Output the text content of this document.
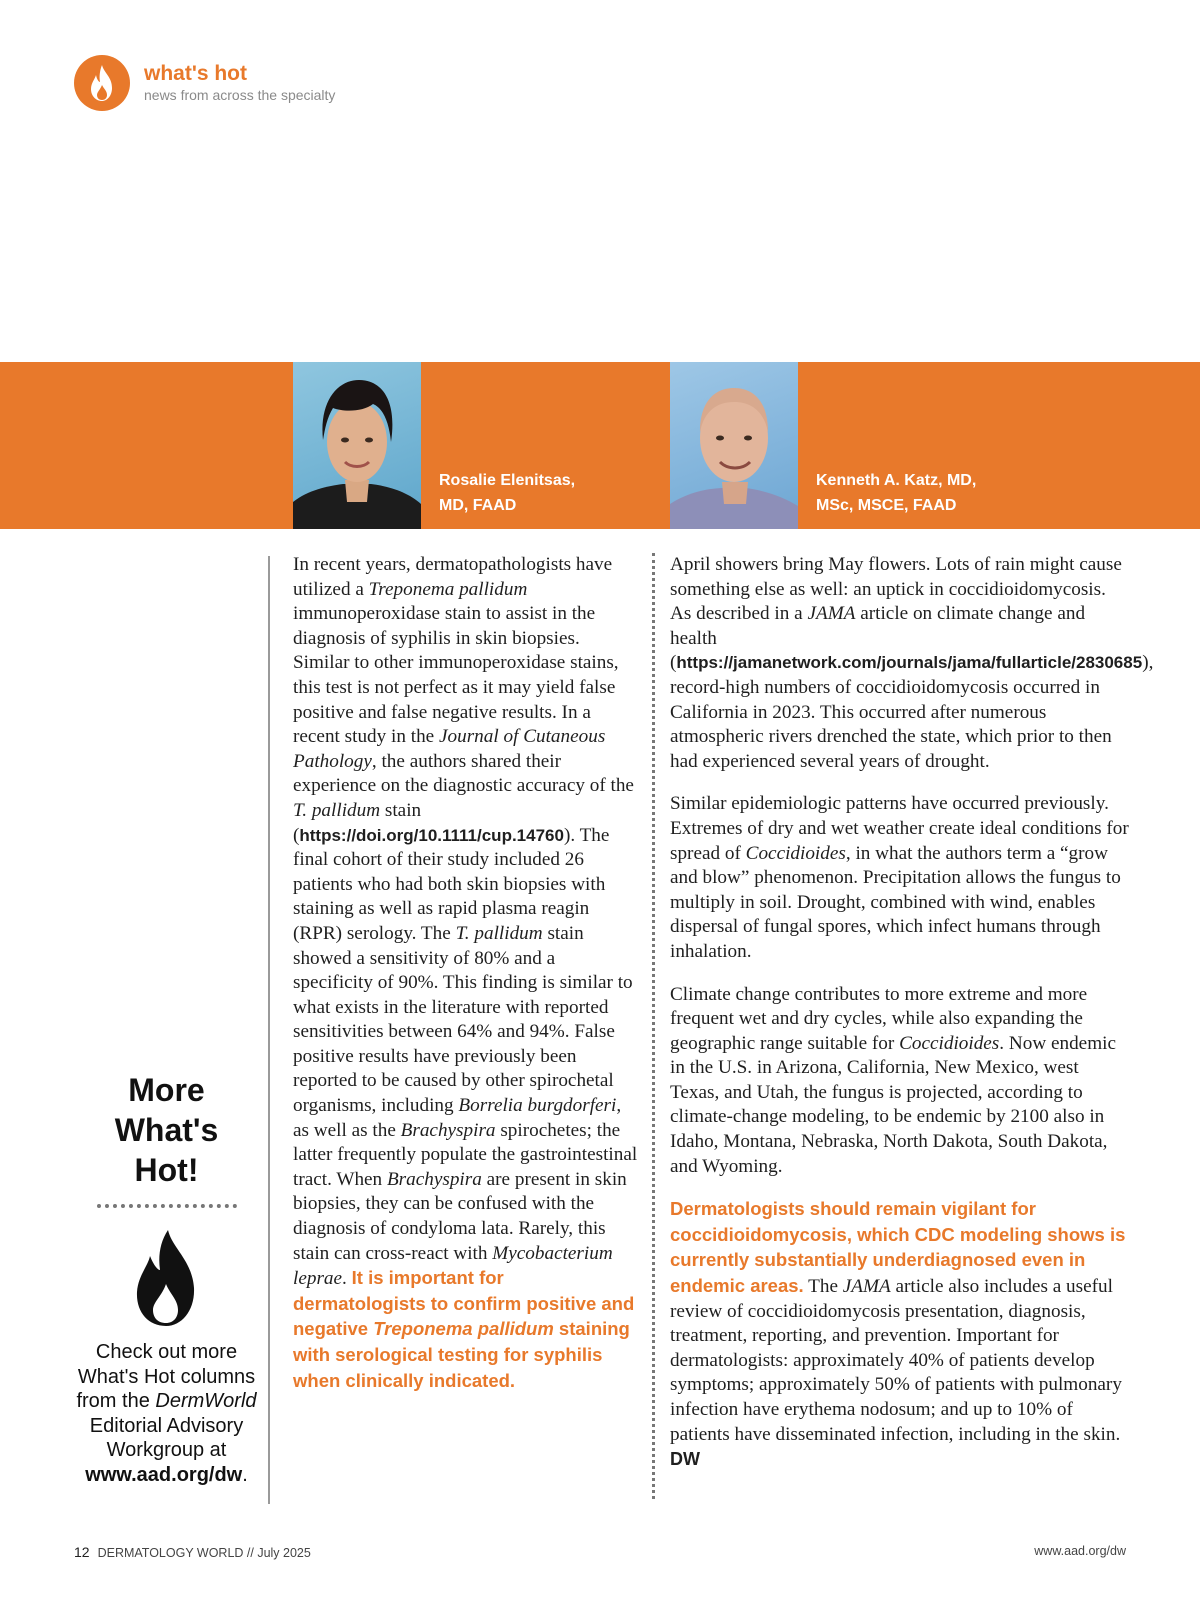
what's hot
news from across the specialty
Rosalie Elenitsas,
MD, FAAD
Kenneth A. Katz, MD,
MSc, MSCE, FAAD

In recent years, dermatopathologists have utilized a Treponema pallidum immunoperoxidase stain to assist in the diagnosis of syphilis in skin biopsies. Similar to other immunoperoxidase stains, this test is not perfect as it may yield false positive and false negative results. In a recent study in the Journal of Cutaneous Pathology, the authors shared their experience on the diagnostic accuracy of the T. pallidum stain (https://doi.org/10.1111/cup.14760). The final cohort of their study included 26 patients who had both skin biopsies with staining as well as rapid plasma reagin (RPR) serology. The T. pallidum stain showed a sensitivity of 80% and a specificity of 90%. This finding is similar to what exists in the literature with reported sensitivities between 64% and 94%. False positive results have previously been reported to be caused by other spirochetal organisms, including Borrelia burgdorferi, as well as the Brachyspira spirochetes; the latter frequently populate the gastrointestinal tract. When Brachyspira are present in skin biopsies, they can be confused with the diagnosis of condyloma lata. Rarely, this stain can cross-react with Mycobacterium leprae. It is important for dermatologists to confirm positive and negative Treponema pallidum staining with serological testing for syphilis when clinically indicated.

April showers bring May flowers. Lots of rain might cause something else as well: an uptick in coccidioidomycosis. As described in a JAMA article on climate change and health (https://jamanetwork.com/journals/jama/fullarticle/2830685), record-high numbers of coccidioidomycosis occurred in California in 2023. This occurred after numerous atmospheric rivers drenched the state, which prior to then had experienced several years of drought.

Similar epidemiologic patterns have occurred previously. Extremes of dry and wet weather create ideal conditions for spread of Coccidioides, in what the authors term a “grow and blow” phenomenon. Precipitation allows the fungus to multiply in soil. Drought, combined with wind, enables dispersal of fungal spores, which infect humans through inhalation.

Climate change contributes to more extreme and more frequent wet and dry cycles, while also expanding the geographic range suitable for Coccidioides. Now endemic in the U.S. in Arizona, California, New Mexico, west Texas, and Utah, the fungus is projected, according to climate-change modeling, to be endemic by 2100 also in Idaho, Montana, Nebraska, North Dakota, South Dakota, and Wyoming.

Dermatologists should remain vigilant for coccidioidomycosis, which CDC modeling shows is currently substantially underdiagnosed even in endemic areas. The JAMA article also includes a useful review of coccidioidomycosis presentation, diagnosis, treatment, reporting, and prevention. Important for dermatologists: approximately 40% of patients develop symptoms; approximately 50% of patients with pulmonary infection have erythema nodosum; and up to 10% of patients have disseminated infection, including in the skin. DW

More
What's
Hot!
Check out more What's Hot columns from the DermWorld Editorial Advisory Workgroup at www.aad.org/dw.
12 DERMATOLOGY WORLD // July 2025	www.aad.org/dw
